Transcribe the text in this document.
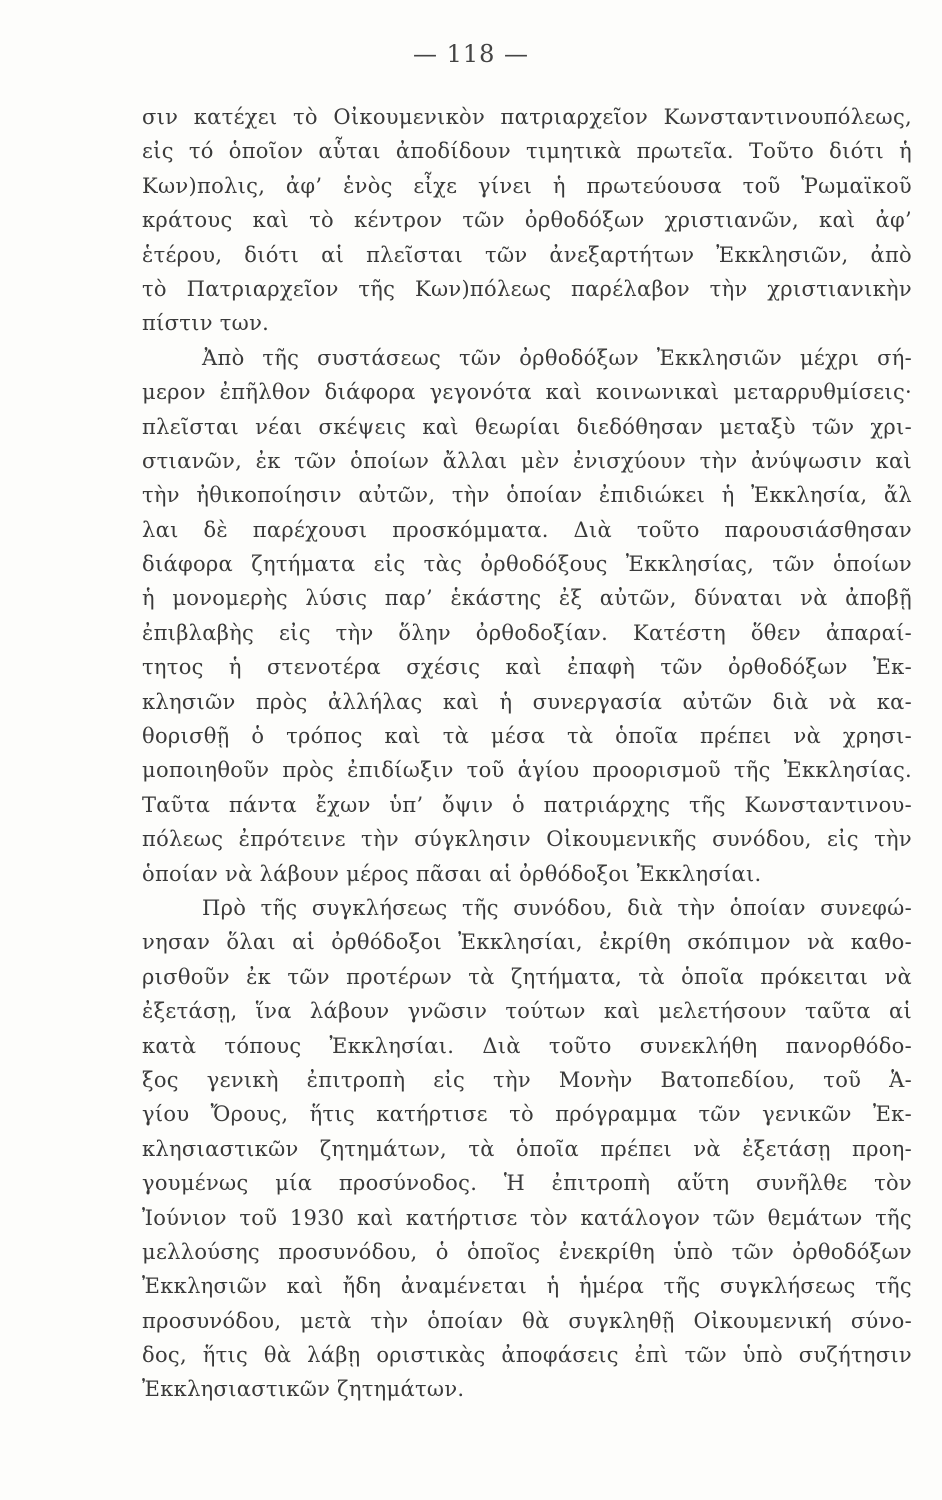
— 118 —
σιν κατέχει τὸ Οἰκουμενικὸν πατριαρχεῖον Κωνσταντινουπόλεως,
εἰς τό ὁποῖον αὗται ἀποδίδουν τιμητικὰ πρωτεῖα. Τοῦτο διότι ἡ
Κων)πολις, ἀφ’ ἑνὸς εἶχε γίνει ἡ πρωτεύουσα τοῦ Ῥωμαϊκοῦ
κράτους καὶ τὸ κέντρον τῶν ὀρθοδόξων χριστιανῶν, καὶ ἀφ’
ἑτέρου, διότι αἱ πλεῖσται τῶν ἀνεξαρτήτων Ἐκκλησιῶν, ἀπὸ
τὸ Πατριαρχεῖον τῆς Κων)πόλεως παρέλαβον τὴν χριστιανικὴν
πίστιν των.
Ἀπὸ τῆς συστάσεως τῶν ὀρθοδόξων Ἐκκλησιῶν μέχρι σή-
μερον ἐπῆλθον διάφορα γεγονότα καὶ κοινωνικαὶ μεταρρυθμίσεις·
πλεῖσται νέαι σκέψεις καὶ θεωρίαι διεδόθησαν μεταξὺ τῶν χρι-
στιανῶν, ἐκ τῶν ὁποίων ἄλλαι μὲν ἐνισχύουν τὴν ἀνύψωσιν καὶ
τὴν ἠθικοποίησιν αὐτῶν, τὴν ὁποίαν ἐπιδιώκει ἡ Ἐκκλησία, ἄλ
λαι δὲ παρέχουσι προσκόμματα. Διὰ τοῦτο παρουσιάσθησαν
διάφορα ζητήματα εἰς τὰς ὀρθοδόξους Ἐκκλησίας, τῶν ὁποίων
ἡ μονομερὴς λύσις παρ’ ἑκάστης ἐξ αὐτῶν, δύναται νὰ ἀποβῇ
ἐπιβλαβὴς εἰς τὴν ὅλην ὀρθοδοξίαν. Κατέστη ὅθεν ἀπαραί-
τητος ἡ στενοτέρα σχέσις καὶ ἐπαφὴ τῶν ὀρθοδόξων Ἐκ-
κλησιῶν πρὸς ἀλλήλας καὶ ἡ συνεργασία αὐτῶν διὰ νὰ κα-
θορισθῇ ὁ τρόπος καὶ τὰ μέσα τὰ ὁποῖα πρέπει νὰ χρησι-
μοποιηθοῦν πρὸς ἐπιδίωξιν τοῦ ἁγίου προορισμοῦ τῆς Ἐκκλησίας.
Ταῦτα πάντα ἔχων ὑπ’ ὄψιν ὁ πατριάρχης τῆς Κωνσταντινου-
πόλεως ἐπρότεινε τὴν σύγκλησιν Οἰκουμενικῆς συνόδου, εἰς τὴν
ὁποίαν νὰ λάβουν μέρος πᾶσαι αἱ ὀρθόδοξοι Ἐκκλησίαι.
Πρὸ τῆς συγκλήσεως τῆς συνόδου, διὰ τὴν ὁποίαν συνεφώ-
νησαν ὅλαι αἱ ὀρθόδοξοι Ἐκκλησίαι, ἐκρίθη σκόπιμον νὰ καθο-
ρισθοῦν ἐκ τῶν προτέρων τὰ ζητήματα, τὰ ὁποῖα πρόκειται νὰ
ἐξετάσῃ, ἵνα λάβουν γνῶσιν τούτων καὶ μελετήσουν ταῦτα αἱ
κατὰ τόπους Ἐκκλησίαι. Διὰ τοῦτο συνεκλήθη πανορθόδο-
ξος γενικὴ ἐπιτροπὴ εἰς τὴν Μονὴν Βατοπεδίου, τοῦ Ἁ-
γίου Ὄρους, ἥτις κατήρτισε τὸ πρόγραμμα τῶν γενικῶν Ἐκ-
κλησιαστικῶν ζητημάτων, τὰ ὁποῖα πρέπει νὰ ἐξετάσῃ προη-
γουμένως μία προσύνοδος. Ἡ ἐπιτροπὴ αὕτη συνῆλθε τὸν
Ἰούνιον τοῦ 1930 καὶ κατήρτισε τὸν κατάλογον τῶν θεμάτων τῆς
μελλούσης προσυνόδου, ὁ ὁποῖος ἐνεκρίθη ὑπὸ τῶν ὀρθοδόξων
Ἐκκλησιῶν καὶ ἤδη ἀναμένεται ἡ ἡμέρα τῆς συγκλήσεως τῆς
προσυνόδου, μετὰ τὴν ὁποίαν θὰ συγκληθῇ Οἰκουμενική σύνο-
δος, ἥτις θὰ λάβῃ οριστικὰς ἀποφάσεις ἐπὶ τῶν ὑπὸ συζήτησιν
Ἐκκλησιαστικῶν ζητημάτων.
